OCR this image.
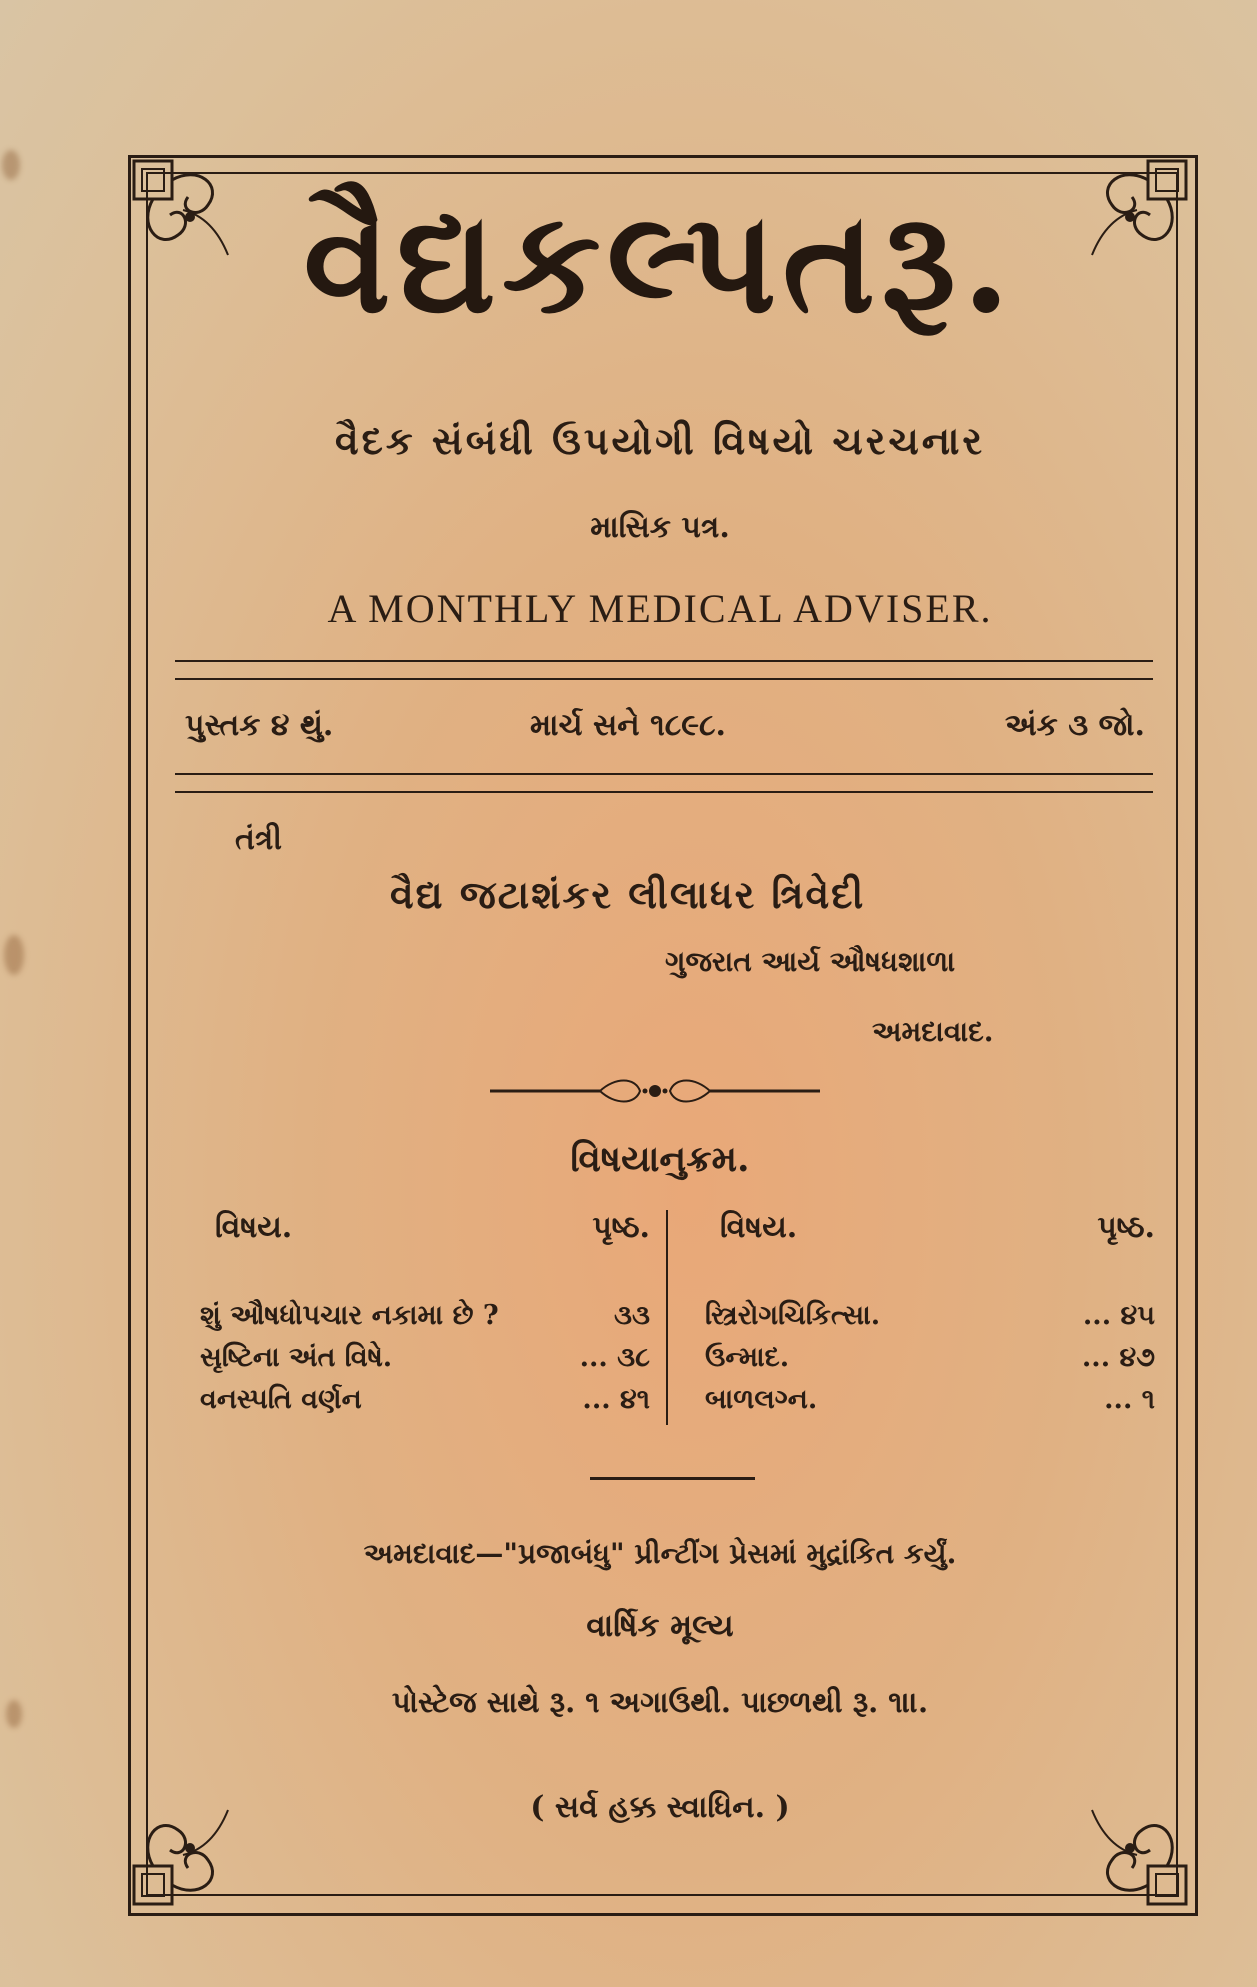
વૈદ્યકલ્પતરૂ.
વૈદક સંબંધી ઉપયોગી વિષયો ચરચનાર
માસિક પત્ર.
A MONTHLY MEDICAL ADVISER.
પુસ્તક ૪ થું.	માર્ચ સને ૧૮૯૮.	અંક ૩ જો.
તંત્રી
વૈદ્ય જટાશંકર લીલાધર ત્રિવેદી
ગુજરાત આર્ય ઔષધશાળા
અમદાવાદ.
વિષયાનુક્રમ.
વિષય.	પૃષ્ઠ.
શું ઔષધોપચાર નકામા છે ?	૩૩
સૃષ્ટિના અંત વિષે.	... ૩૮
વનસ્પતિ વર્ણન	... ૪૧
વિષય.	પૃષ્ઠ.
સ્ત્રિરોગચિકિત્સા.	... ૪૫
ઉન્માદ.	... ૪૭
બાળલગ્ન.	... ૧
અમદાવાદ—"પ્રજાબંધુ" પ્રીન્ટીંગ પ્રેસમાં મુદ્રાંકિત કર્યું.
વાર્ષિક મૂલ્ય
પોસ્ટેજ સાથે રૂ. ૧ અગાઉથી. પાછળથી રૂ. ૧।।.
( સર્વ હક્ક સ્વાધિન. )
